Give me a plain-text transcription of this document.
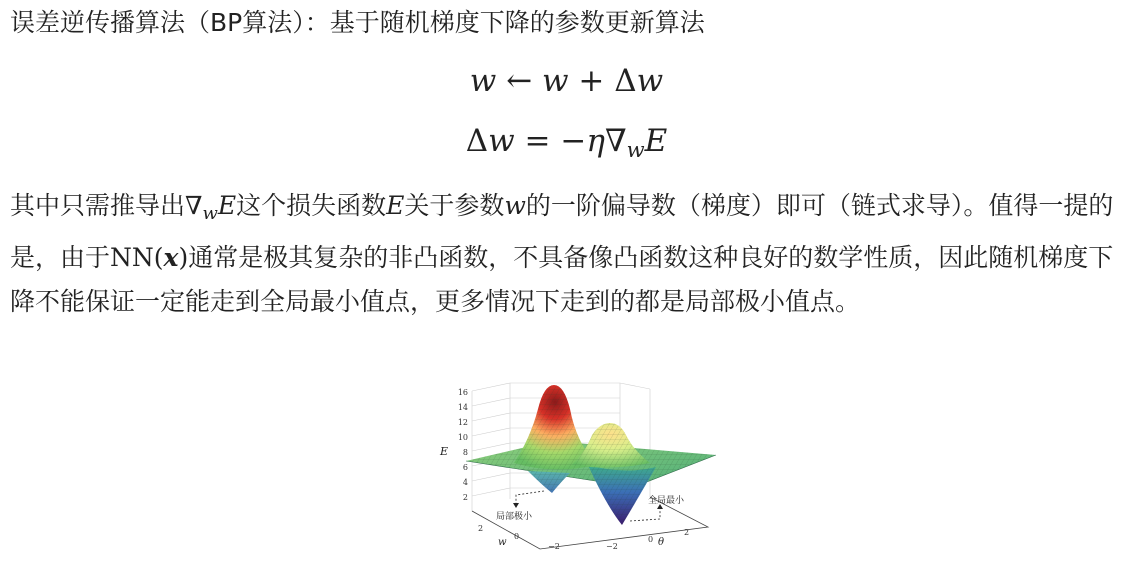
误差逆传播算法（BP算法）：基于随机梯度下降的参数更新算法
w ← w + Δw
$\Delta w = -\eta\nabla_wE$
其中只需推导出$\nabla_wE$这个损失函数E关于参数w的一阶偏导数（梯度）即可（链式求导）。值得一提的是，由于NN(x)通常是极其复杂的非凸函数，不具备像凸函数这种良好的数学性质，因此随机梯度下降不能保证一定能走到全局最小值点，更多情况下走到的都是局部极小值点。
16
14
12
10
8
6
4
2
E
局部极小
全局最小
2
0
−2
w	−2
0
2
θ
